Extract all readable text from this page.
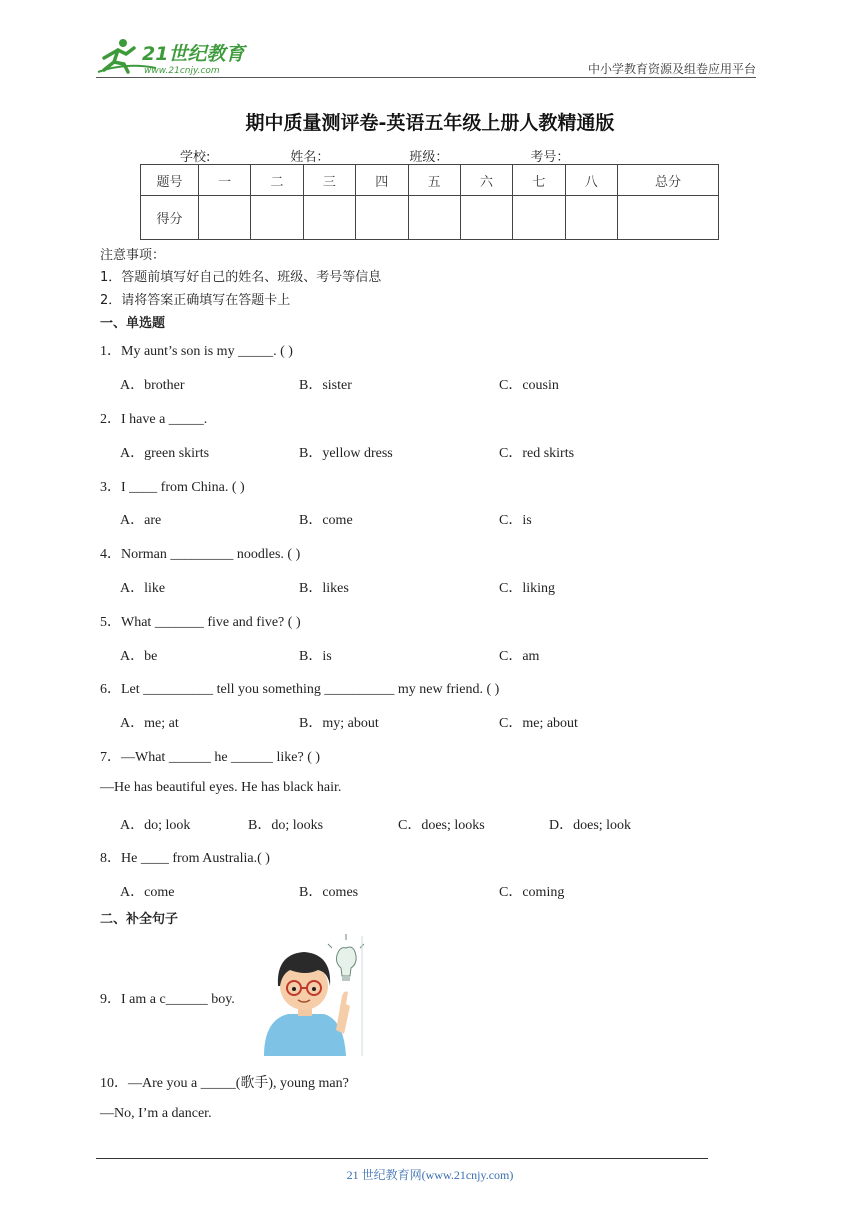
21世纪教育
www.21cnjy.com	中小学教育资源及组卷应用平台
期中质量测评卷-英语五年级上册人教精通版
学校:	姓名：	班级：	考号：
题号	一	二	三	四	五	六	七	八	总分
得分									
注意事项：
1．答题前填写好自己的姓名、班级、考号等信息
2．请将答案正确填写在答题卡上
一、单选题
1．My aunt’s son is my _____. ( )
A．brother	B．sister	C．cousin
2．I have a _____.
A．green skirts	B．yellow dress	C．red skirts
3．I ____ from China. ( )
A．are	B．come	C．is
4．Norman _________ noodles. ( )
A．like	B．likes	C．liking
5．What _______ five and five? ( )
A．be	B．is	C．am
6．Let __________ tell you something __________ my new friend. ( )
A．me; at	B．my; about	C．me; about
7．—What ______ he ______ like? ( )
—He has beautiful eyes. He has black hair.
A．do; look	B．do; looks	C．does; looks	D．does; look
8．He ____ from Australia.( )
A．come	B．comes	C．coming
二、补全句子
9．I am a c______ boy.
10．—Are you a _____(歌手), young man?
—No, I’m a dancer.
21 世纪教育网(www.21cnjy.com)
